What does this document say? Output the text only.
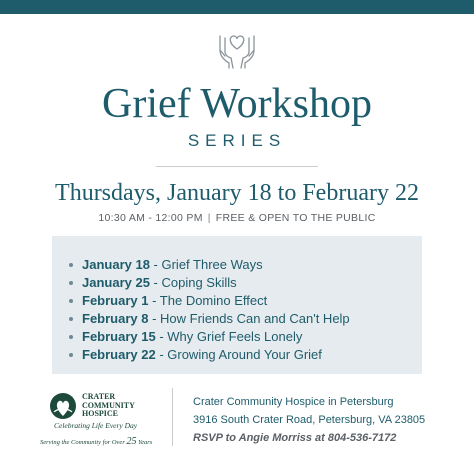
Grief Workshop
SERIES
Thursdays, January 18 to February 22
10:30 AM - 12:00 PM | FREE & OPEN TO THE PUBLIC
January 18 - Grief Three Ways
January 25 - Coping Skills
February 1 - The Domino Effect
February 8 - How Friends Can and Can't Help
February 15 - Why Grief Feels Lonely
February 22 - Growing Around Your Grief
CRATER
COMMUNITY
HOSPICE
Celebrating Life Every Day
Serving the Community for Over 25 Years
Crater Community Hospice in Petersburg
3916 South Crater Road, Petersburg, VA 23805
RSVP to Angie Morriss at 804-536-7172
